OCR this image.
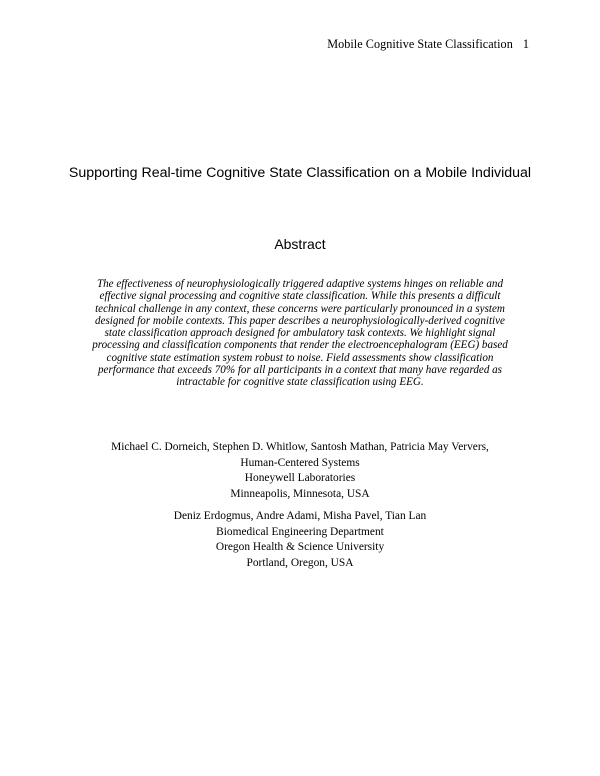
Mobile Cognitive State Classification 1
Supporting Real-time Cognitive State Classification on a Mobile Individual
Abstract
The effectiveness of neurophysiologically triggered adaptive systems hinges on reliable and
effective signal processing and cognitive state classification. While this presents a difficult
technical challenge in any context, these concerns were particularly pronounced in a system
designed for mobile contexts. This paper describes a neurophysiologically-derived cognitive
state classification approach designed for ambulatory task contexts. We highlight signal
processing and classification components that render the electroencephalogram (EEG) based
cognitive state estimation system robust to noise. Field assessments show classification
performance that exceeds 70% for all participants in a context that many have regarded as
intractable for cognitive state classification using EEG.
Michael C. Dorneich, Stephen D. Whitlow, Santosh Mathan, Patricia May Ververs,
Human-Centered Systems
Honeywell Laboratories
Minneapolis, Minnesota, USA
Deniz Erdogmus, Andre Adami, Misha Pavel, Tian Lan
Biomedical Engineering Department
Oregon Health & Science University
Portland, Oregon, USA
